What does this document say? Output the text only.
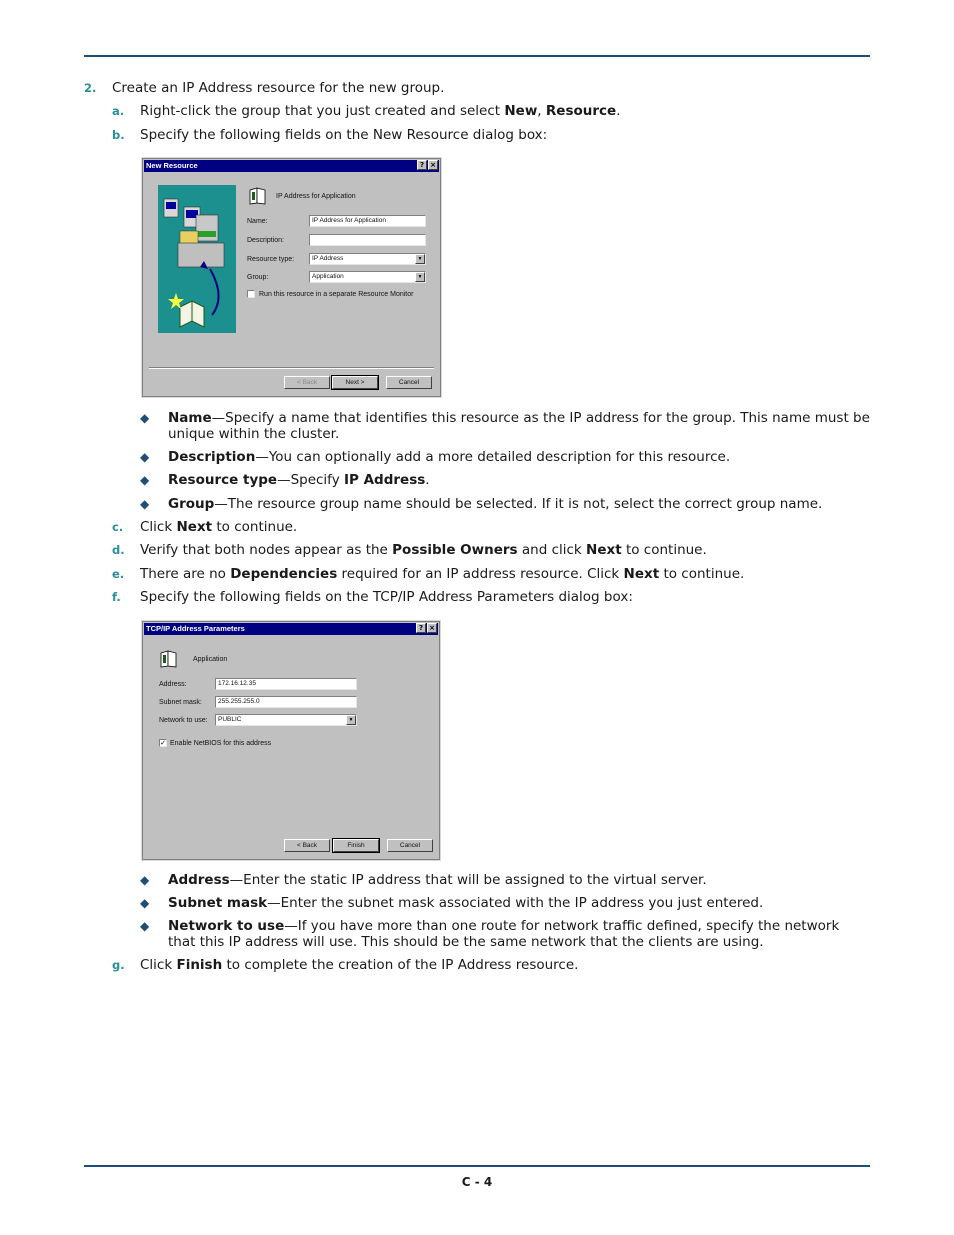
2. Create an IP Address resource for the new group.
a. Right-click the group that you just created and select New, Resource.
b. Specify the following fields on the New Resource dialog box:
New Resource	? ×
IP Address for Application
Name:	IP Address for Application
Description:
Resource type:	IP Address	▼
Group:	Application	▼
Run this resource in a separate Resource Monitor
< Back	Next >	Cancel
◆ Name—Specify a name that identifies this resource as the IP address for the group. This name must be unique within the cluster.
◆ Description—You can optionally add a more detailed description for this resource.
◆ Resource type—Specify IP Address.
◆ Group—The resource group name should be selected. If it is not, select the correct group name.
c. Click Next to continue.
d. Verify that both nodes appear as the Possible Owners and click Next to continue.
e. There are no Dependencies required for an IP address resource. Click Next to continue.
f. Specify the following fields on the TCP/IP Address Parameters dialog box:
TCP/IP Address Parameters	? ×
Application
Address:	172.16.12.35
Subnet mask:	255.255.255.0
Network to use:	PUBLIC	▼
✓ Enable NetBIOS for this address
< Back	Finish	Cancel
◆ Address—Enter the static IP address that will be assigned to the virtual server.
◆ Subnet mask—Enter the subnet mask associated with the IP address you just entered.
◆ Network to use—If you have more than one route for network traffic defined, specify the network that this IP address will use. This should be the same network that the clients are using.
g. Click Finish to complete the creation of the IP Address resource.
C - 4
